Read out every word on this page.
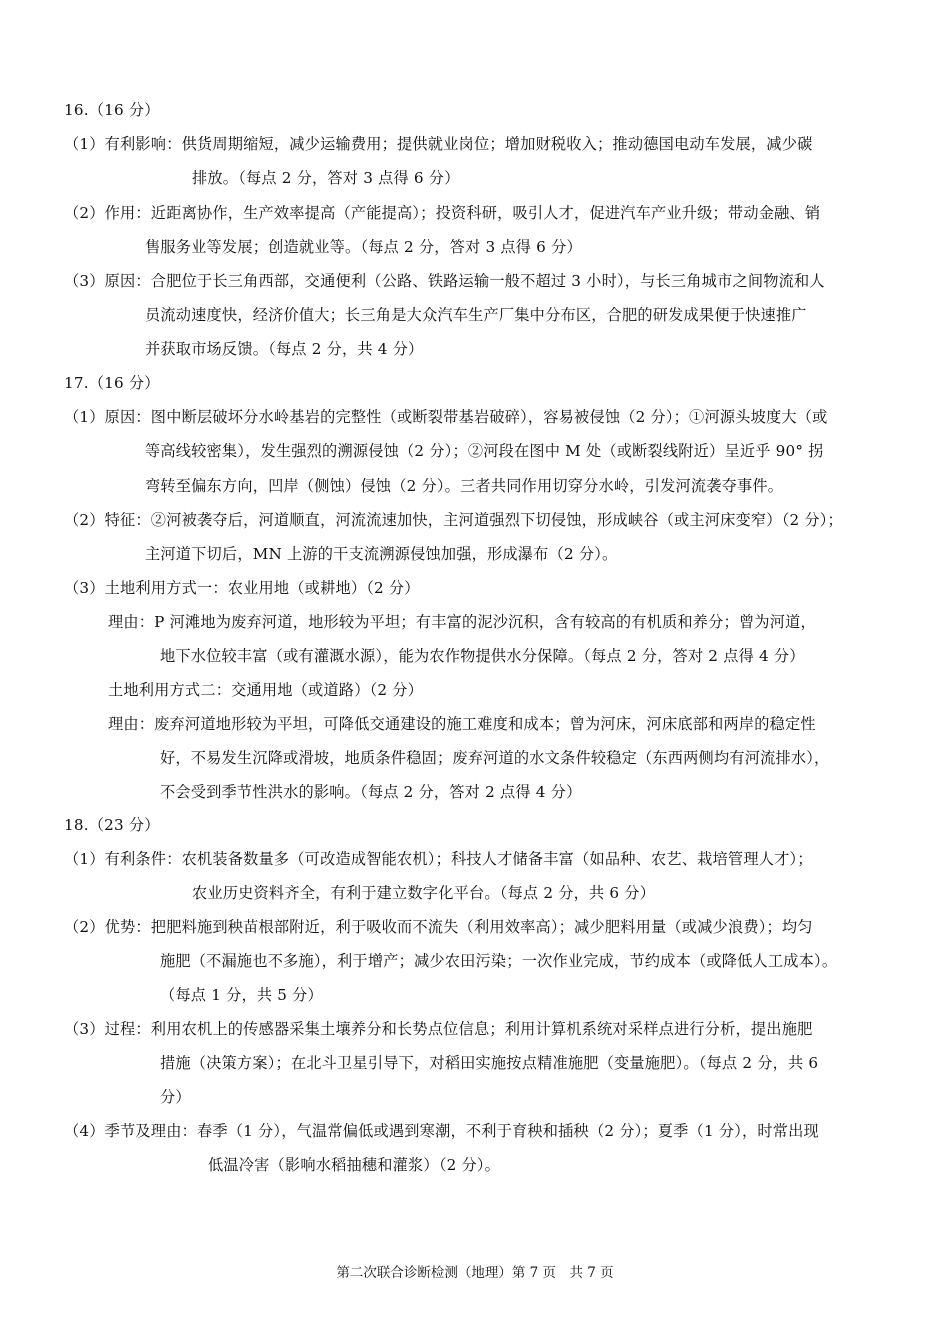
16.（16 分）
（1）有利影响：供货周期缩短，减少运输费用；提供就业岗位；增加财税收入；推动德国电动车发展，减少碳
排放。（每点 2 分，答对 3 点得 6 分）
（2）作用：近距离协作，生产效率提高（产能提高）；投资科研，吸引人才，促进汽车产业升级；带动金融、销
售服务业等发展；创造就业等。（每点 2 分，答对 3 点得 6 分）
（3）原因：合肥位于长三角西部，交通便利（公路、铁路运输一般不超过 3 小时），与长三角城市之间物流和人
员流动速度快，经济价值大；长三角是大众汽车生产厂集中分布区，合肥的研发成果便于快速推广
并获取市场反馈。（每点 2 分，共 4 分）
17.（16 分）
（1）原因：图中断层破坏分水岭基岩的完整性（或断裂带基岩破碎），容易被侵蚀（2 分）；①河源头坡度大（或
等高线较密集），发生强烈的溯源侵蚀（2 分）；②河段在图中 M 处（或断裂线附近）呈近乎 90° 拐
弯转至偏东方向，凹岸（侧蚀）侵蚀（2 分）。三者共同作用切穿分水岭，引发河流袭夺事件。
（2）特征：②河被袭夺后，河道顺直，河流流速加快，主河道强烈下切侵蚀，形成峡谷（或主河床变窄）（2 分）；
主河道下切后，MN 上游的干支流溯源侵蚀加强，形成瀑布（2 分）。
（3）土地利用方式一：农业用地（或耕地）（2 分）
理由：P 河滩地为废弃河道，地形较为平坦；有丰富的泥沙沉积，含有较高的有机质和养分；曾为河道，
地下水位较丰富（或有灌溉水源），能为农作物提供水分保障。（每点 2 分，答对 2 点得 4 分）
土地利用方式二：交通用地（或道路）（2 分）
理由：废弃河道地形较为平坦，可降低交通建设的施工难度和成本；曾为河床，河床底部和两岸的稳定性
好，不易发生沉降或滑坡，地质条件稳固；废弃河道的水文条件较稳定（东西两侧均有河流排水），
不会受到季节性洪水的影响。（每点 2 分，答对 2 点得 4 分）
18.（23 分）
（1）有利条件：农机装备数量多（可改造成智能农机）；科技人才储备丰富（如品种、农艺、栽培管理人才）；
农业历史资料齐全，有利于建立数字化平台。（每点 2 分，共 6 分）
（2）优势：把肥料施到秧苗根部附近，利于吸收而不流失（利用效率高）；减少肥料用量（或减少浪费）；均匀
施肥（不漏施也不多施），利于增产；减少农田污染；一次作业完成，节约成本（或降低人工成本）。
（每点 1 分，共 5 分）
（3）过程：利用农机上的传感器采集土壤养分和长势点位信息；利用计算机系统对采样点进行分析，提出施肥
措施（决策方案）；在北斗卫星引导下，对稻田实施按点精准施肥（变量施肥）。（每点 2 分，共 6
分）
（4）季节及理由：春季（1 分），气温常偏低或遇到寒潮，不利于育秧和插秧（2 分）；夏季（1 分），时常出现
低温冷害（影响水稻抽穗和灌浆）（2 分）。
第二次联合诊断检测（地理）第 7 页　共 7 页
